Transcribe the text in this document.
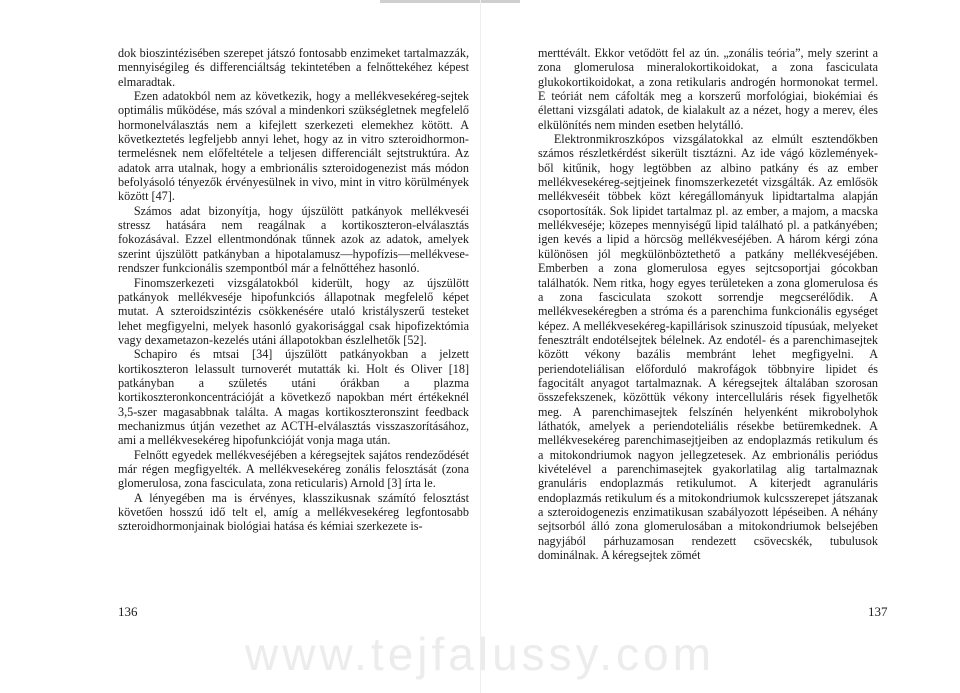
dok bioszintézisében szerepet játszó fontosabb enzimeket tartalmazzák, mennyiségileg és differenciáltság tekintetében a felnőttekéhez képest elmaradtak.

Ezen adatokból nem az következik, hogy a mellékvesekéreg-sejtek optimális működése, más szóval a mindenkori szükségletnek megfelelő hormonelválasztás nem a kifejlett szerkezeti elemekhez kötött. A következtetés legfeljebb annyi lehet, hogy az in vitro szteroidhormon-termelésnek nem előfeltétele a teljesen differenciált sejtstruktúra. Az adatok arra utalnak, hogy a embrionális szteroidogenezist más módon befolyásoló tényezők érvényesülnek in vivo, mint in vitro körülmények között [47].

Számos adat bizonyítja, hogy újszülött patkányok mellékveséi stressz hatására nem reagálnak a kortikoszteron-elválasztás fokozásával. Ezzel ellentmondónak tűnnek azok az adatok, amelyek szerint újszülött patkányban a hipotalamusz—hypofízis—mellékvese-rendszer funkcionális szempontból már a felnőttéhez hasonló.

Finomszerkezeti vizsgálatokból kiderült, hogy az újszülött patkányok mellékveséje hipofunkciós állapotnak megfelelő képet mutat. A szteroidszintézis csökkenésére utaló kristályszerű testeket lehet megfigyelni, melyek hasonló gyakorisággal csak hipofizektómia vagy dexametazon-kezelés utáni állapotokban észlelhetők [52].

Schapiro és mtsai [34] újszülött patkányokban a jelzett kortikoszteron lelassult turnoverét mutatták ki. Holt és Oliver [18] patkányban a születés utáni órákban a plazma kortikoszteronkoncentrációját a következő napokban mért értékeknél 3,5-szer magasabbnak találta. A magas kortikoszteronszint feedback mechanizmus útján vezethet az ACTH-elválasztás visszaszorításához, ami a mellékvesekéreg hipofunkcióját vonja maga után.

Felnőtt egyedek mellékveséjében a kéregsejtek sajátos rendeződését már régen megfigyelték. A mellékvesekéreg zonális felosztását (zona glomerulosa, zona fasciculata, zona reticularis) Arnold [3] írta le.

A lényegében ma is érvényes, klasszikusnak számító felosztást követően hosszú idő telt el, amíg a mellékvesekéreg legfontosabb szteroidhormonjainak biológiai hatása és kémiai szerkezete is-

136

merttévált. Ekkor vetődött fel az ún. „zonális teória”, mely szerint a zona glomerulosa mineralokortikoidokat, a zona fasciculata glukokortikoidokat, a zona retikularis androgén hormonokat termel. E teóriát nem cáfolták meg a korszerű morfológiai, biokémiai és élettani vizsgálati adatok, de kialakult az a nézet, hogy a merev, éles elkülönítés nem minden esetben helytálló.

Elektronmikroszkópos vizsgálatokkal az elmúlt esztendőkben számos részletkérdést sikerült tisztázni. Az ide vágó közlemények-ből kitűnik, hogy legtöbben az albino patkány és az ember mellékvesekéreg-sejtjeinek finomszerkezetét vizsgálták. Az emlősök mellékveséit többek közt kéregállományuk lipidtartalma alapján csoportosíták. Sok lipidet tartalmaz pl. az ember, a majom, a macska mellékveséje; közepes mennyiségű lipid található pl. a patkányében; igen kevés a lipid a hörcsög mellékveséjében. A három kérgi zóna különösen jól megkülönböztethető a patkány mellékveséjében. Emberben a zona glomerulosa egyes sejtcsoportjai gócokban találhatók. Nem ritka, hogy egyes területeken a zona glomerulosa és a zona fasciculata szokott sorrendje megcserélődik. A mellékvesekéregben a stróma és a parenchima funkcionális egységet képez. A mellékvesekéreg-kapillárisok szinuszoid típusúak, melyeket fenesztrált endotélsejtek bélelnek. Az endotél- és a parenchimasejtek között vékony bazális membránt lehet megfigyelni. A periendoteliálisan előforduló makrofágok többnyire lipidet és fagocitált anyagot tartalmaznak. A kéregsejtek általában szorosan összefekszenek, közöttük vékony intercelluláris rések figyelhetők meg. A parenchimasejtek felszínén helyenként mikrobolyhok láthatók, amelyek a periendoteliális résekbe betüremkednek. A mellékvesekéreg parenchimasejtjeiben az endoplazmás retikulum és a mitokondriumok nagyon jellegzetesek. Az embrionális periódus kivételével a parenchimasejtek gyakorlatilag alig tartalmaznak granuláris endoplazmás retikulumot. A kiterjedt agranuláris endoplazmás retikulum és a mitokondriumok kulcsszerepet játszanak a szteroidogenezis enzimatikusan szabályozott lépéseiben. A néhány sejtsorból álló zona glomerulosában a mitokondriumok belsejében nagyjából párhuzamosan rendezett csövecskék, tubulusok dominálnak. A kéregsejtek zömét

137
www.tejfalussy.com
